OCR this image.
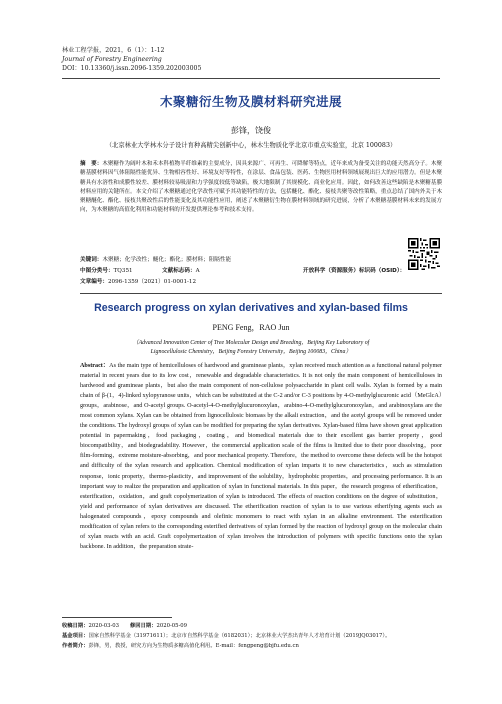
林业工程学报，2021，6（1）：1-12
Journal of Forestry Engineering
DOI：10.13360/j.issn.2096-1359.202003005
木聚糖衍生物及膜材料研究进展
彭锋，饶俊
（北京林业大学林木分子设计育种高精尖创新中心，林木生物质化学北京市重点实验室，北京 100083）
摘　要：木聚糖作为阔叶木和禾本科植物半纤维素的主要成分，因具来源广、可再生、可降解等特点，近年来成为备受关注的功能天然高分子。木聚糖基膜材料因气体阻隔性能优异、生物相容性好、环境友好等特性，在涂层、食品包装、医药、生物医用材料领域展现出巨大的应用潜力。但是木聚糖具有水溶性和成膜性较差、膜材料较易吸湿和力学强度较低等缺陷，极大地限制了其规模化、商业化应用。因此，如何改善这些缺陷是木聚糖基膜材料应用的关键所在。本文介绍了木聚糖通过化学改性可赋予其功能特性的方法，包括醚化、酯化、接枝共聚等改性策略，重点总结了国内外关于木聚糖醚化、酯化、接枝共聚改性后的性能变化及其功能性应用，阐述了木聚糖衍生物在膜材料领域的研究进展，分析了木聚糖基膜材料未来的发展方向，为木聚糖的高值化利用和功能材料的开发提供理论参考和技术支持。
关键词：木聚糖；化学改性；醚化；酯化；膜材料；阻隔性能
中图分类号：TQ351	文献标志码：A	开放科学（资源服务）标识码（OSID）：
文章编号：2096-1359（2021）01-0001-12
Research progress on xylan derivatives and xylan-based films
PENG Feng，RAO Jun
（Advanced Innovation Center of Tree Molecular Design and Breeding，Beijing Key Laboratory of
Lignocellulosic Chemistry，Beijing Forestry University，Beijing 100083，China）
Abstract：As the main type of hemicelluloses of hardwood and gramineae plants，xylan received much attention as a functional natural polymer material in recent years due to its low cost，renewable and degradable characteristics. It is not only the main component of hemicelluloses in hardwood and gramineae plants，but also the main component of non-cellulose polysaccharide in plant cell walls. Xylan is formed by a main chain of β-(1，4)-linked xylopyranose units，which can be substituted at the C-2 and/or C-3 positions by 4-O-methylglucuronic acid（MeGlcA）groups，arabinose，and O-acetyl groups. O-acetyl-4-O-methylglucuronoxylan，arabino-4-O-methylglucuronoxylan，and arabinoxylans are the most common xylans. Xylan can be obtained from lignocellulosic biomass by the alkali extraction，and the acetyl groups will be removed under the conditions. The hydroxyl groups of xylan can be modified for preparing the xylan derivatives. Xylan-based films have shown great application potential in papermaking，food packaging，coating，and biomedical materials due to their excellent gas barrier property，good biocompatibility，and biodegradability. However，the commercial application scale of the films is limited due to their poor dissolving，poor film-forming，extreme moisture-absorbing，and poor mechanical property. Therefore，the method to overcome these defects will be the hotspot and difficulty of the xylan research and application. Chemical modification of xylan imparts it to new characteristics，such as stimulation response，ionic property，thermo-plasticity，and improvement of the solubility，hydrophobic properties，and processing performance. It is an important way to realize the preparation and application of xylan in functional materials. In this paper，the research progress of etherification，esterification，oxidation，and graft copolymerization of xylan is introduced. The effects of reaction conditions on the degree of substitution，yield and performance of xylan derivatives are discussed. The etherification reaction of xylan is to use various etherifying agents such as halogenated compounds，epoxy compounds and olefinic monomers to react with xylan in an alkaline environment. The esterification modification of xylan refers to the corresponding esterified derivatives of xylan formed by the reaction of hydroxyl group on the molecular chain of xylan reacts with an acid. Graft copolymerization of xylan involves the introduction of polymers with specific functions onto the xylan backbone. In addition，the preparation strate-
收稿日期：2020-03-03 修回日期：2020-05-09
基金项目：国家自然科学基金（31971611）；北京市自然科学基金（6182031）；北京林业大学杰出青年人才培育计划（2019JQ03017）。
作者简介：彭锋，男，教授，研究方向为生物质多糖高值化利用。E-mail：fengpeng@bjfu.edu.cn
